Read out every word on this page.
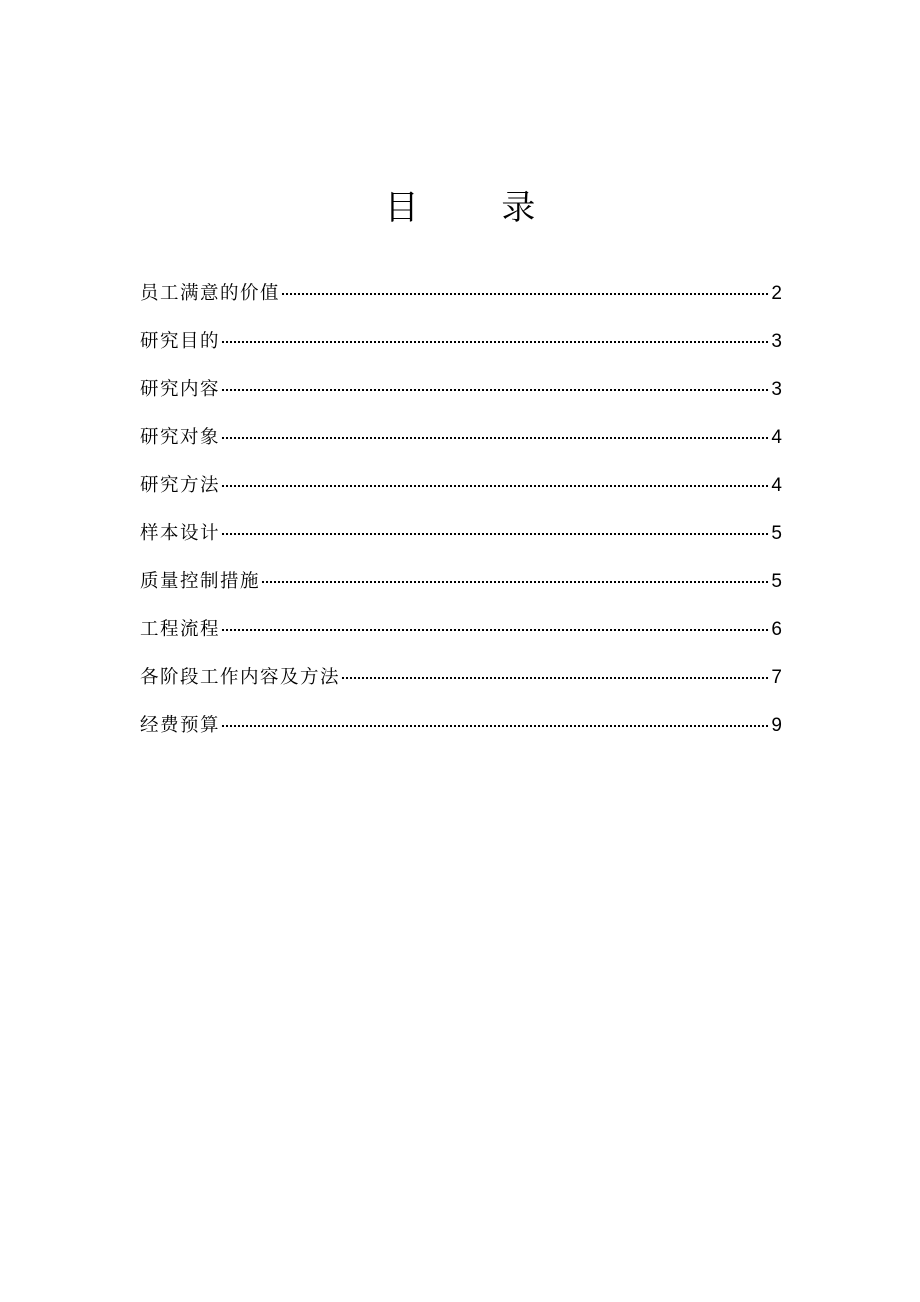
目 录
员工满意的价值	2
研究目的	3
研究内容	3
研究对象	4
研究方法	4
样本设计	5
质量控制措施	5
工程流程	6
各阶段工作内容及方法	7
经费预算	9
